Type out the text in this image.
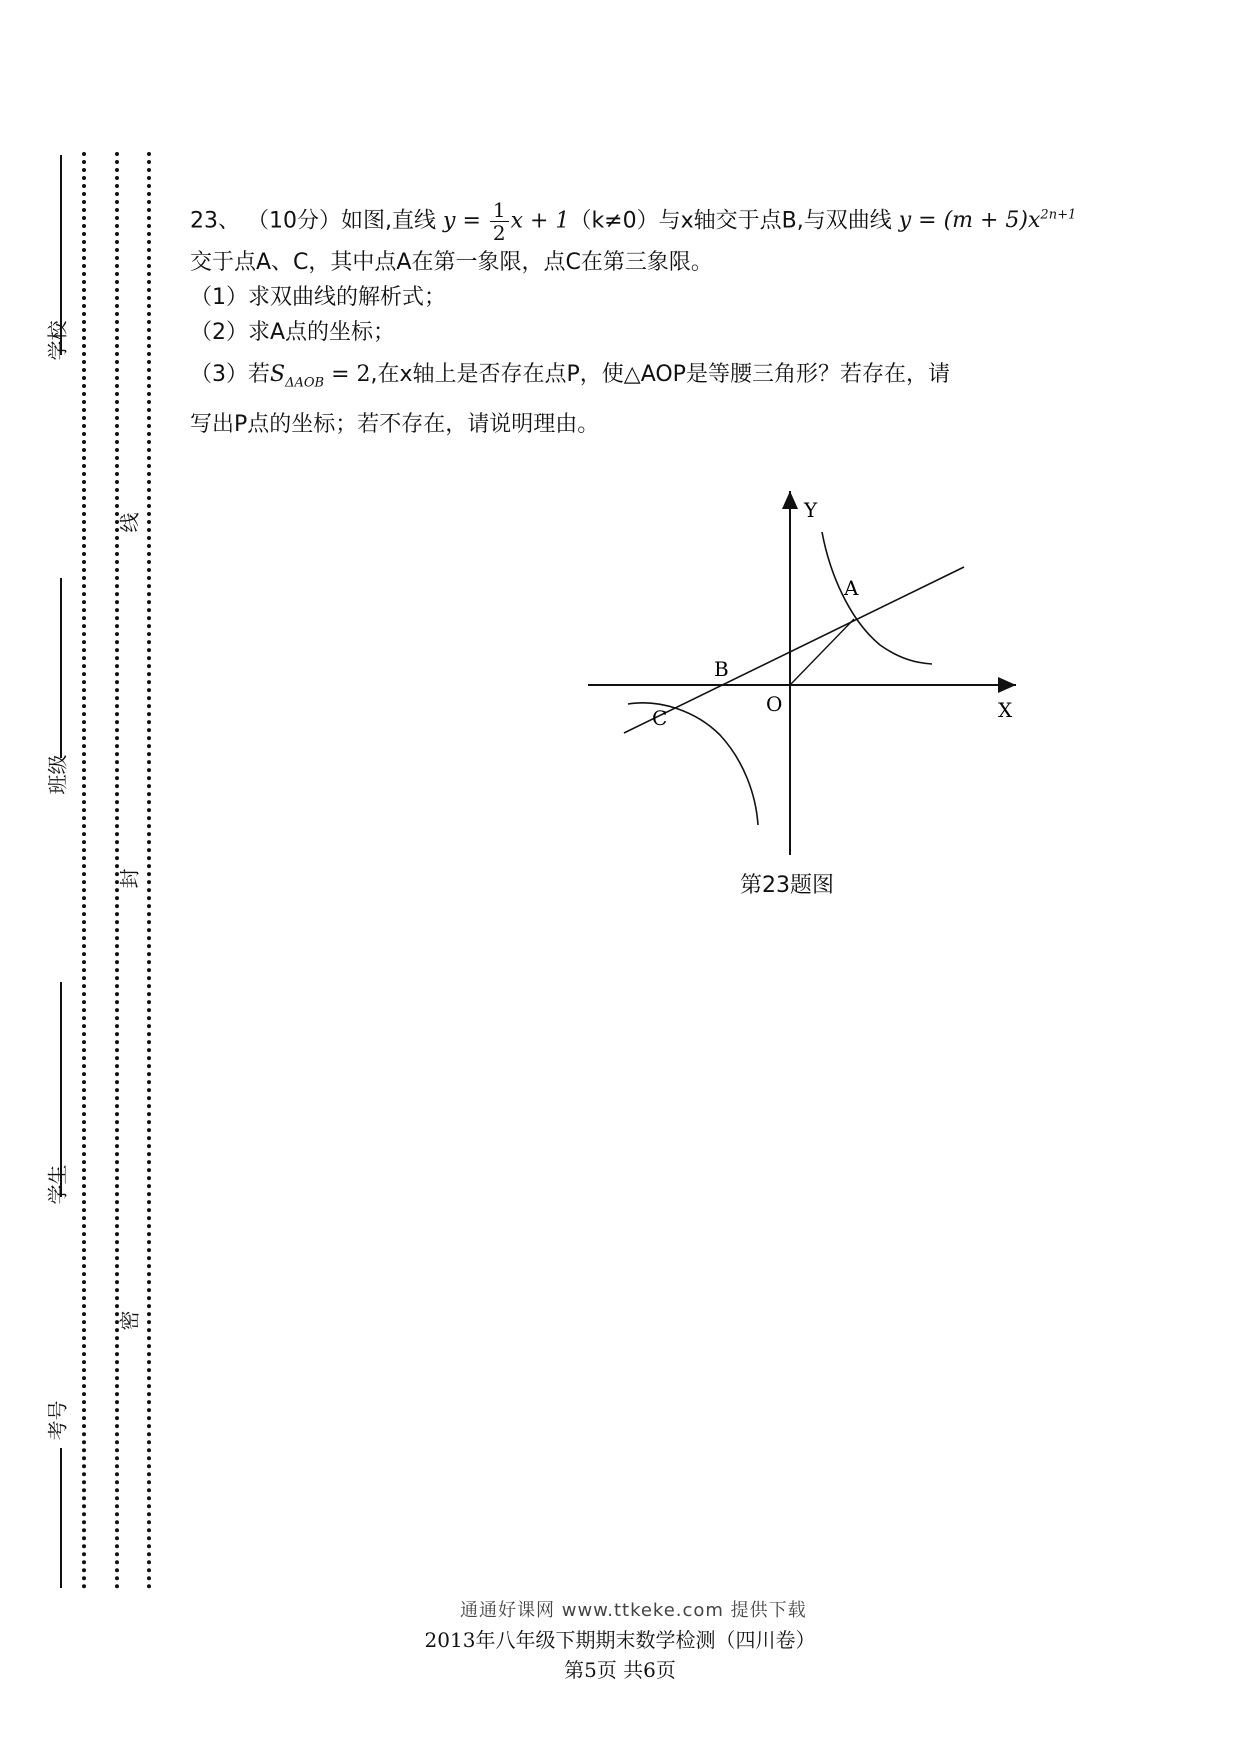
学校
班级
学生
考号
线
封
密
23、 （10分）如图,直线 $y = \frac{1}{2}$ x + 1（k≠0）与x轴交于点B,与双曲线 $y = (m + 5)x^{2n+1}$
交于点A、C，其中点A在第一象限，点C在第三象限。
（1）求双曲线的解析式；
（2）求A点的坐标；
（3）若$S_{\Delta AOB} = 2$,在x轴上是否存在点P，使△AOP是等腰三角形？若存在，请
写出P点的坐标；若不存在，请说明理由。
Y
X
O
A
B
C
第23题图
通通好课网 www.ttkeke.com 提供下载
2013年八年级下期期末数学检测（四川卷）
第5页 共6页
